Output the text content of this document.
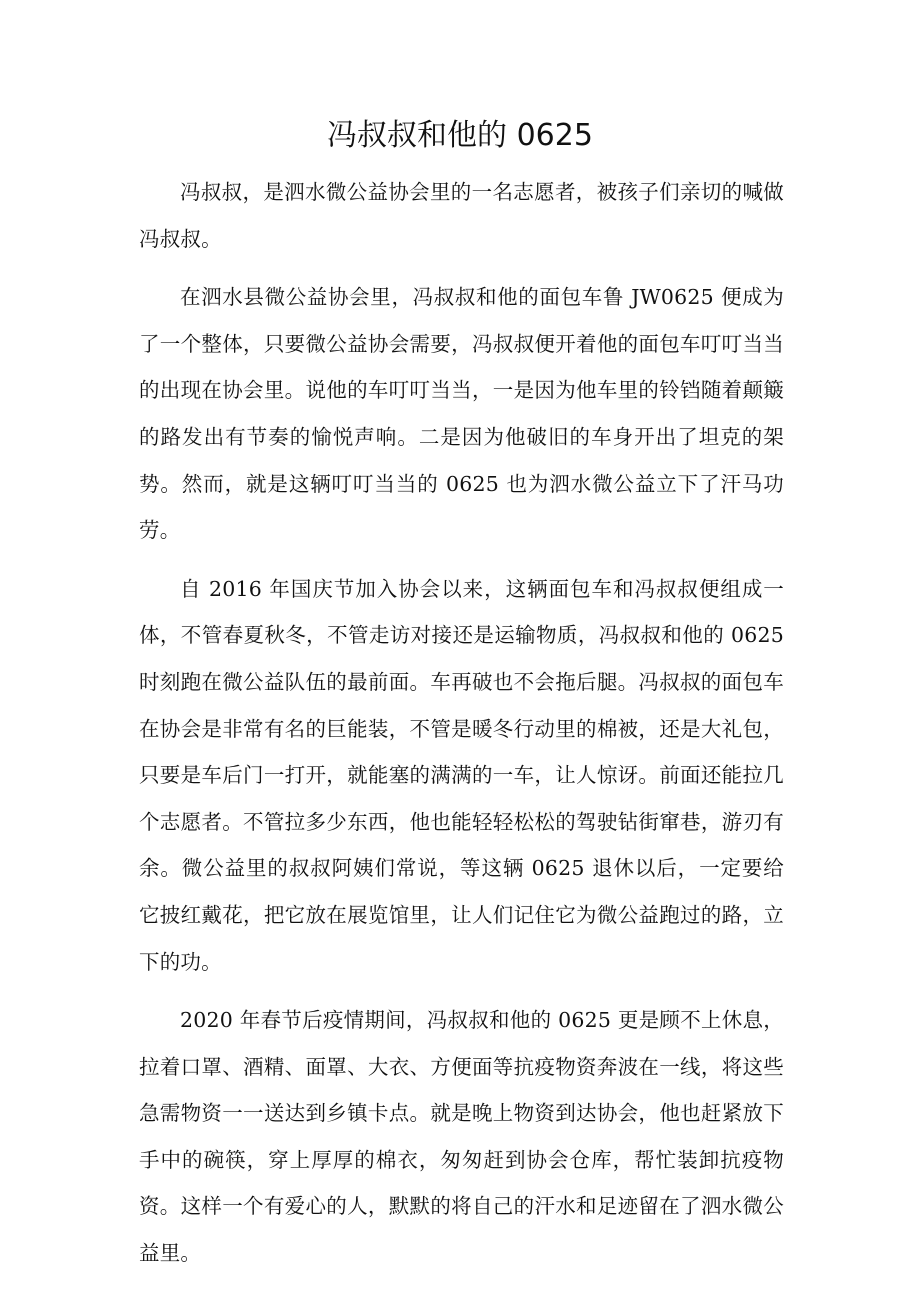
冯叔叔和他的 0625

冯叔叔，是泗水微公益协会里的一名志愿者，被孩子们亲切的喊做冯叔叔。

在泗水县微公益协会里，冯叔叔和他的面包车鲁 JW0625 便成为了一个整体，只要微公益协会需要，冯叔叔便开着他的面包车叮叮当当的出现在协会里。说他的车叮叮当当，一是因为他车里的铃铛随着颠簸的路发出有节奏的愉悦声响。二是因为他破旧的车身开出了坦克的架势。然而，就是这辆叮叮当当的 0625 也为泗水微公益立下了汗马功劳。

自 2016 年国庆节加入协会以来，这辆面包车和冯叔叔便组成一体，不管春夏秋冬，不管走访对接还是运输物质，冯叔叔和他的 0625 时刻跑在微公益队伍的最前面。车再破也不会拖后腿。冯叔叔的面包车在协会是非常有名的巨能装，不管是暖冬行动里的棉被，还是大礼包，只要是车后门一打开，就能塞的满满的一车，让人惊讶。前面还能拉几个志愿者。不管拉多少东西，他也能轻轻松松的驾驶钻街窜巷，游刃有余。微公益里的叔叔阿姨们常说，等这辆 0625 退休以后，一定要给它披红戴花，把它放在展览馆里，让人们记住它为微公益跑过的路，立下的功。

2020 年春节后疫情期间，冯叔叔和他的 0625 更是顾不上休息，拉着口罩、酒精、面罩、大衣、方便面等抗疫物资奔波在一线，将这些急需物资一一送达到乡镇卡点。就是晚上物资到达协会，他也赶紧放下手中的碗筷，穿上厚厚的棉衣，匆匆赶到协会仓库，帮忙装卸抗疫物资。这样一个有爱心的人，默默的将自己的汗水和足迹留在了泗水微公益里。
